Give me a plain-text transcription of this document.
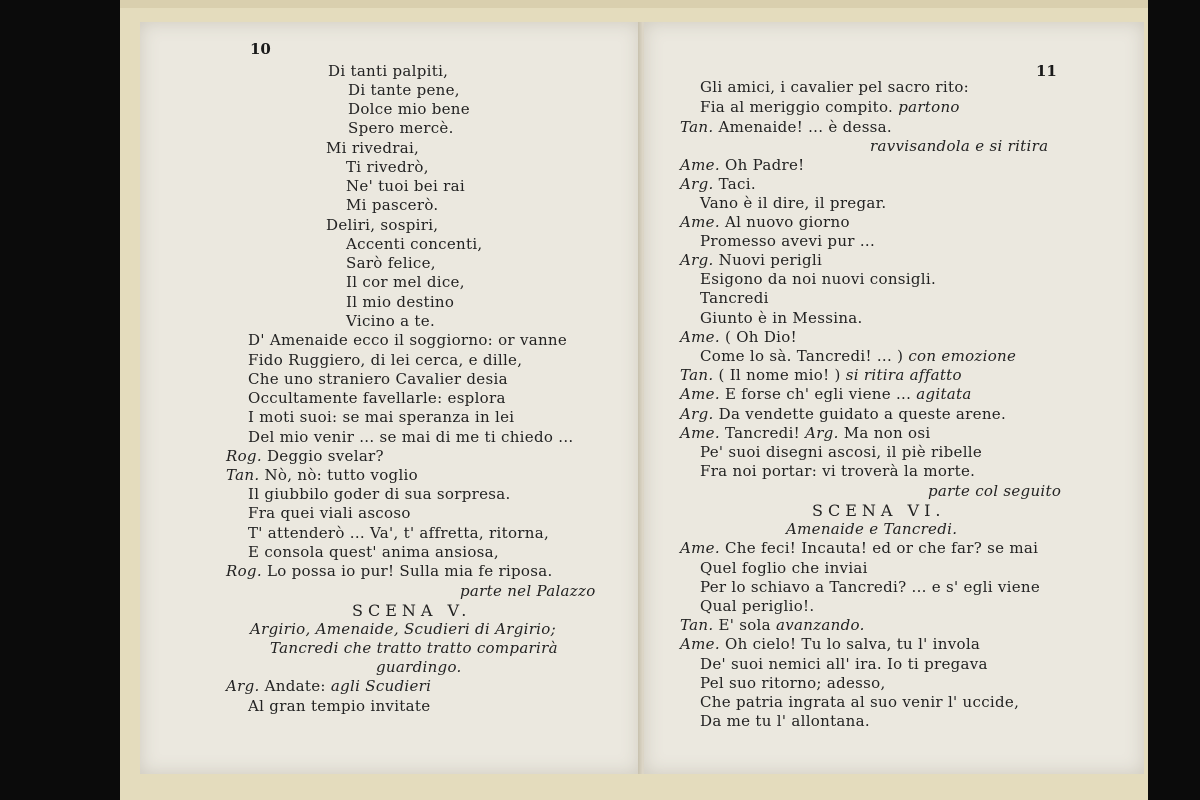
10
Di tanti palpiti,
Di tante pene,
Dolce mio bene
Spero mercè.
Mi rivedrai,
Ti rivedrò,
Ne' tuoi bei rai
Mi pascerò.
Deliri, sospiri,
Accenti concenti,
Sarò felice,
Il cor mel dice,
Il mio destino
Vicino a te.
D' Amenaide ecco il soggiorno: or vanne
Fido Ruggiero, di lei cerca, e dille,
Che uno straniero Cavalier desia
Occultamente favellarle: esplora
I moti suoi: se mai speranza in lei
Del mio venir ... se mai di me ti chiedo ...
Rog. Deggio svelar?
Tan. Nò, nò: tutto voglio
Il giubbilo goder di sua sorpresa.
Fra quei viali ascoso
T' attenderò ... Va', t' affretta, ritorna,
E consola quest' anima ansiosa,
Rog. Lo possa io pur! Sulla mia fe riposa.
parte nel Palazzo
SCENA V.
Argirio, Amenaide, Scudieri di Argirio;
Tancredi che tratto tratto comparirà
guardingo.
Arg. Andate: agli Scudieri
Al gran tempio invitate
11
Gli amici, i cavalier pel sacro rito:
Fia al meriggio compito. partono
Tan. Amenaide! ... è dessa.
ravvisandola e si ritira
Ame. Oh Padre!
Arg. Taci.
Vano è il dire, il pregar.
Ame. Al nuovo giorno
Promesso avevi pur ...
Arg. Nuovi perigli
Esigono da noi nuovi consigli.
Tancredi
Giunto è in Messina.
Ame. ( Oh Dio!
Come lo sà. Tancredi! ... ) con emozione
Tan. ( Il nome mio! ) si ritira affatto
Ame. E forse ch' egli viene ... agitata
Arg. Da vendette guidato a queste arene.
Ame. Tancredi! Arg. Ma non osi
Pe' suoi disegni ascosi, il piè ribelle
Fra noi portar: vi troverà la morte.
parte col seguito
SCENA VI.
Amenaide e Tancredi.
Ame. Che feci! Incauta! ed or che far? se mai
Quel foglio che inviai
Per lo schiavo a Tancredi? ... e s' egli viene
Qual periglio!.
Tan. E' sola avanzando.
Ame. Oh cielo! Tu lo salva, tu l' invola
De' suoi nemici all' ira. Io ti pregava
Pel suo ritorno; adesso,
Che patria ingrata al suo venir l' uccide,
Da me tu l' allontana.
